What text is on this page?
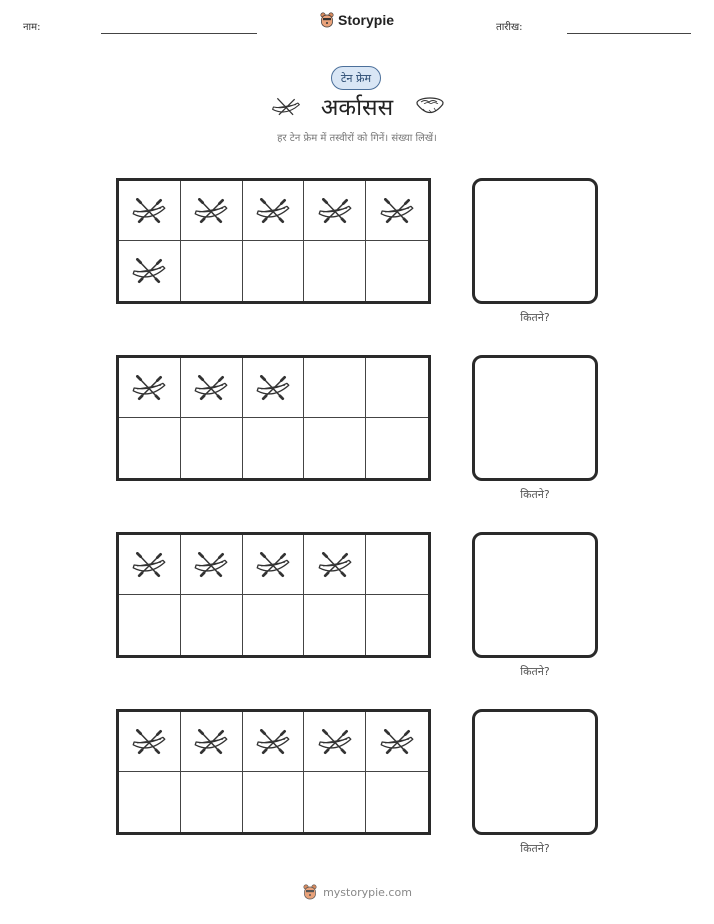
नाम:	Storypie	तारीख:
टेन फ्रेम
अर्कासस
हर टेन फ्रेम में तस्वीरों को गिनें। संख्या लिखें।
कितने?
कितने?
कितने?
कितने?
mystorypie.com
